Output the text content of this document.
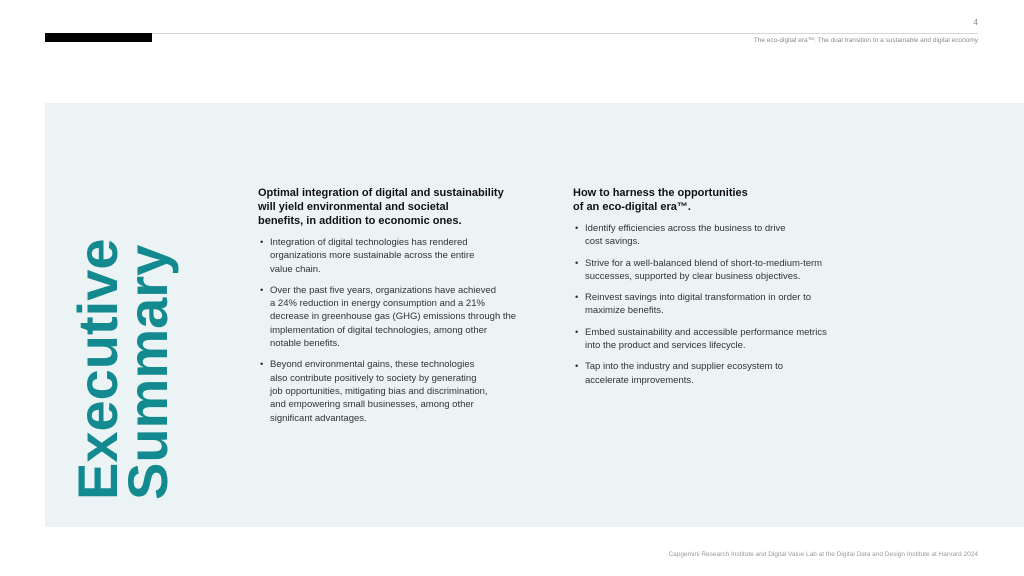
4
The eco-digital era™: The dual transition to a sustainable and digital economy
Executive
Summary
Optimal integration of digital and sustainability
will yield environmental and societal
benefits, in addition to economic ones.
• Integration of digital technologies has rendered
organizations more sustainable across the entire
value chain.
• Over the past five years, organizations have achieved
a 24% reduction in energy consumption and a 21%
decrease in greenhouse gas (GHG) emissions through the
implementation of digital technologies, among other
notable benefits.
• Beyond environmental gains, these technologies
also contribute positively to society by generating
job opportunities, mitigating bias and discrimination,
and empowering small businesses, among other
significant advantages.
How to harness the opportunities
of an eco-digital era™.
• Identify efficiencies across the business to drive
cost savings.
• Strive for a well-balanced blend of short-to-medium-term
successes, supported by clear business objectives.
• Reinvest savings into digital transformation in order to
maximize benefits.
• Embed sustainability and accessible performance metrics
into the product and services lifecycle.
• Tap into the industry and supplier ecosystem to
accelerate improvements.
Capgemini Research Institute and Digital Value Lab at the Digital Data and Design Institute at Harvard 2024
